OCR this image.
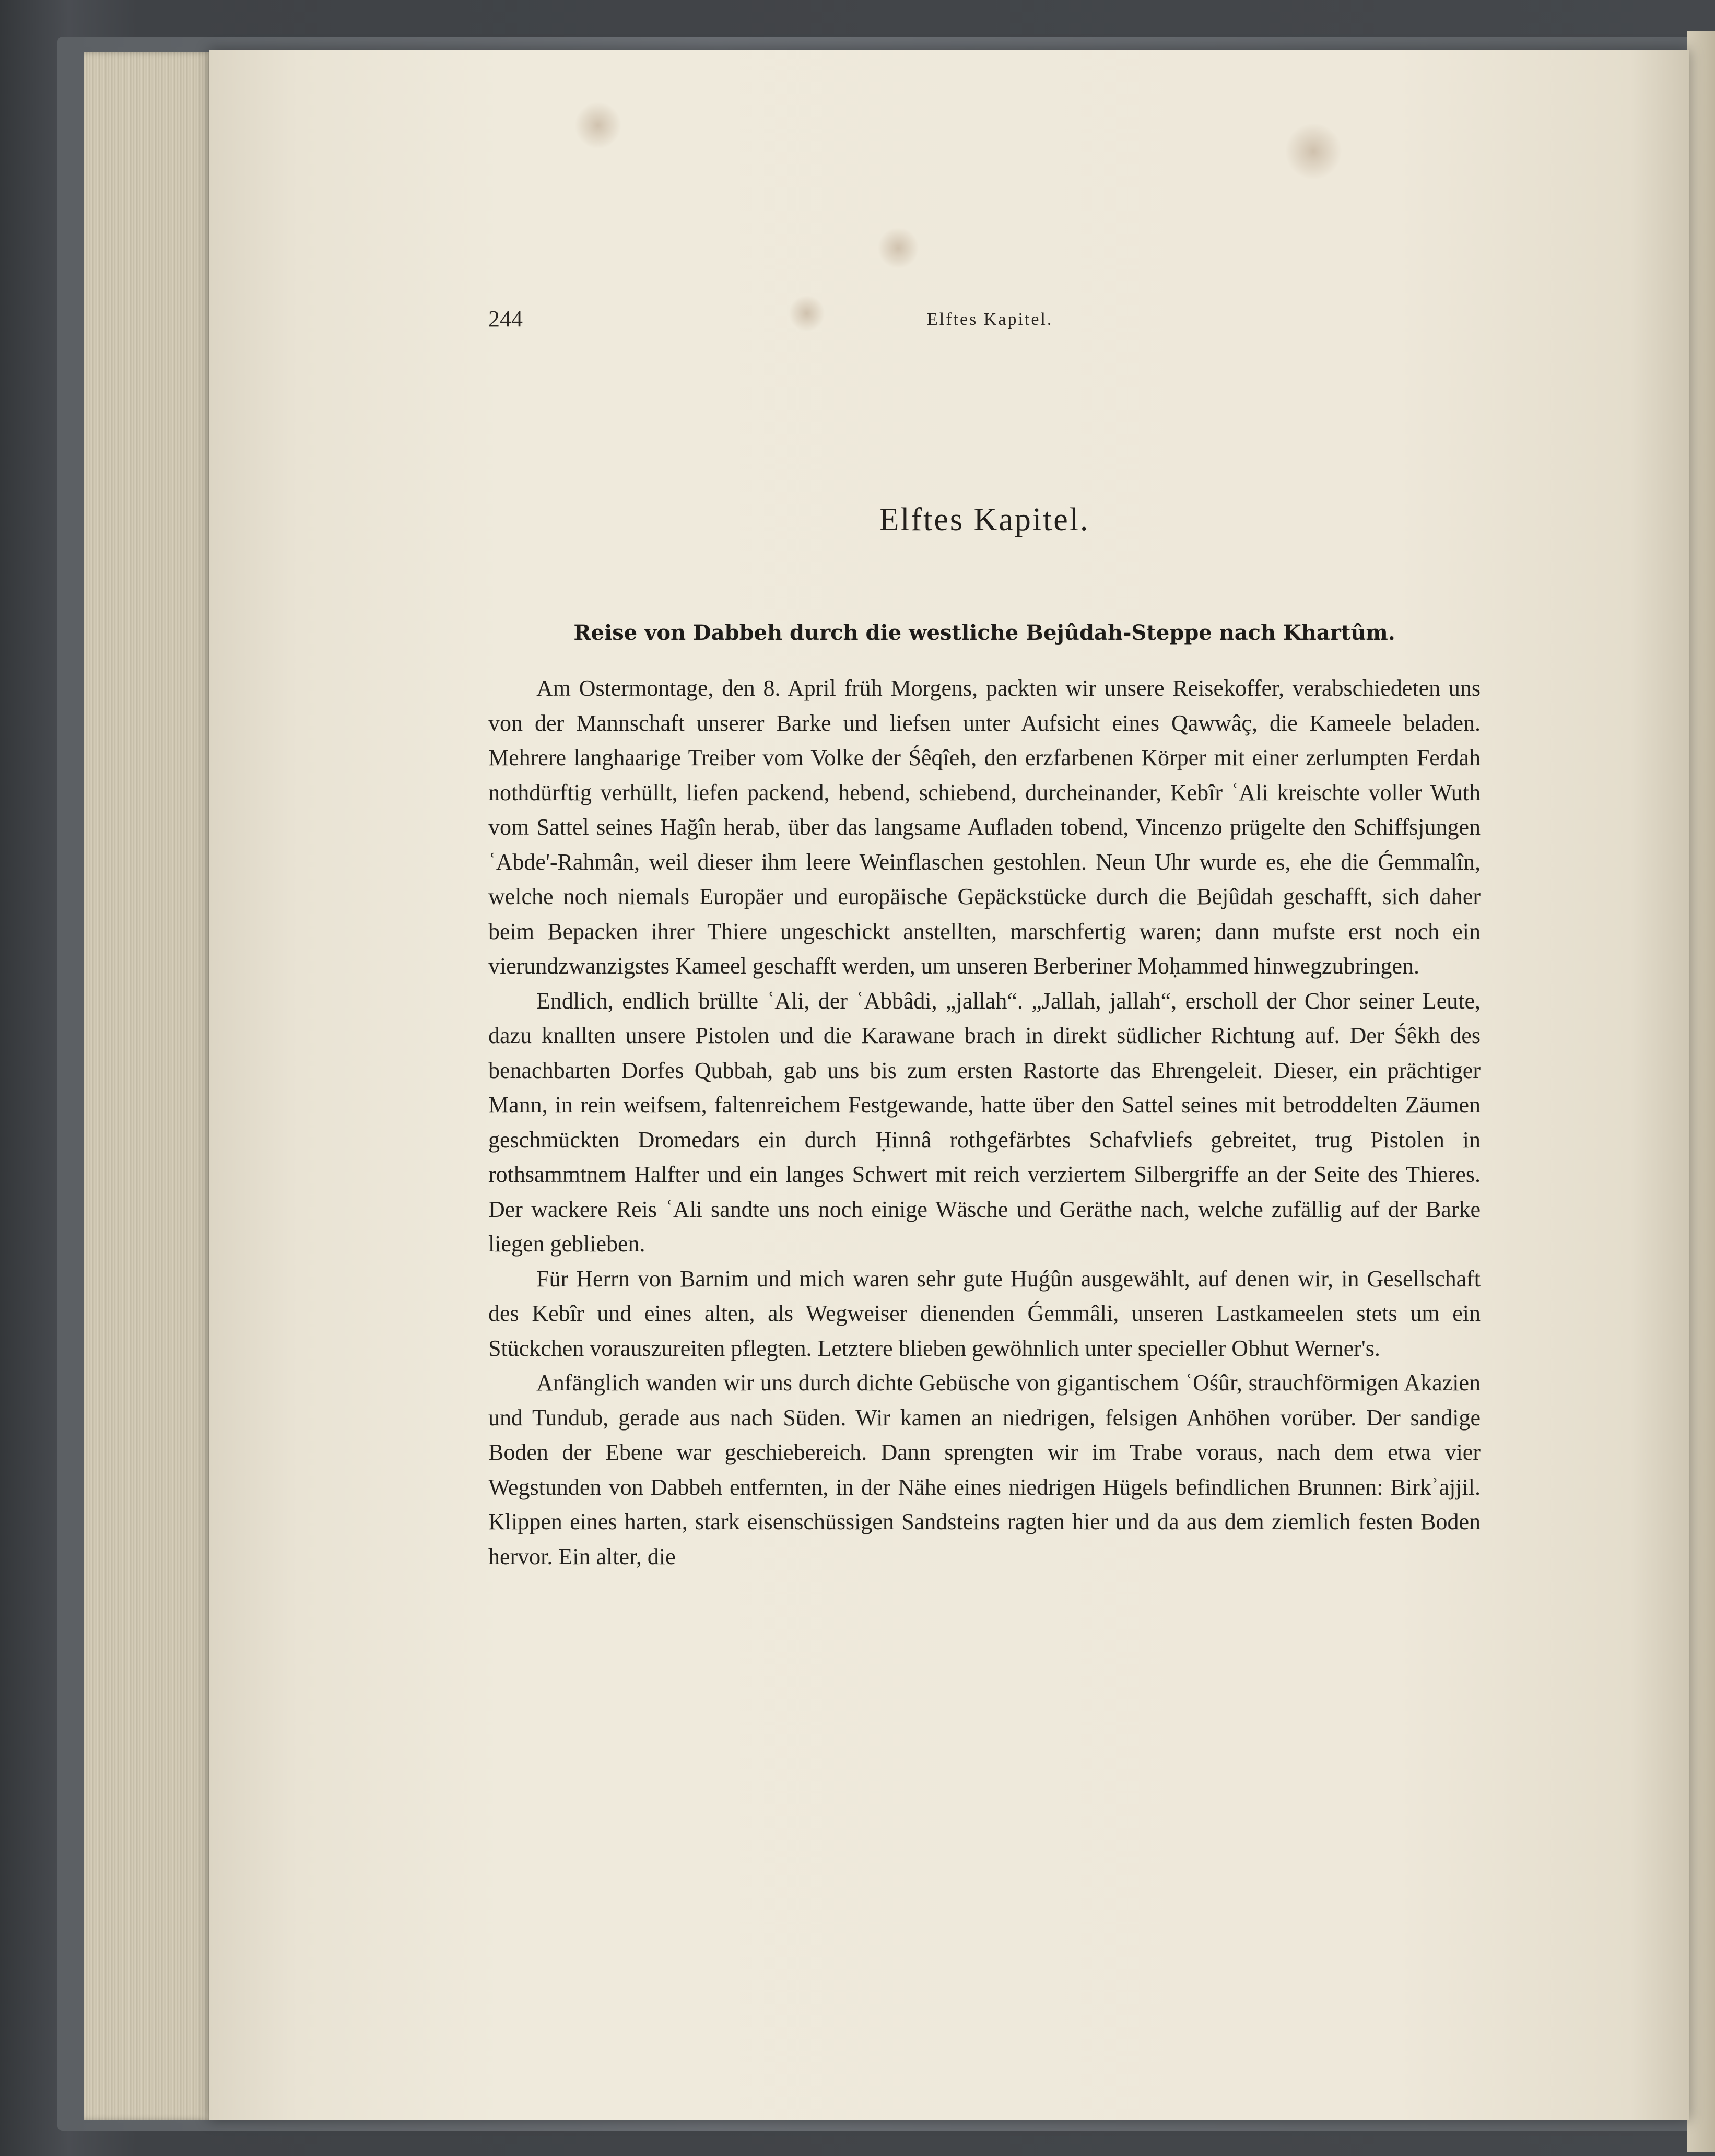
244	Elftes Kapitel.
Elftes Kapitel.
Reise von Dabbeh durch die westliche Bejûdah-Steppe nach Khartûm.

Am Ostermontage, den 8. April früh Morgens, packten wir unsere Reisekoffer, verabschiedeten uns von der Mannschaft unserer Barke und liefsen unter Aufsicht eines Qawwâç, die Kameele beladen. Mehrere langhaarige Treiber vom Volke der Śêqîeh, den erzfarbenen Körper mit einer zerlumpten Ferdah nothdürftig verhüllt, liefen packend, hebend, schiebend, durcheinander, Kebîr ʿAli kreischte voller Wuth vom Sattel seines Hağîn herab, über das langsame Aufladen tobend, Vincenzo prügelte den Schiffsjungen ʿAbde'-Rahmân, weil dieser ihm leere Weinflaschen gestohlen. Neun Uhr wurde es, ehe die Ǵemmalîn, welche noch niemals Europäer und europäische Gepäckstücke durch die Bejûdah geschafft, sich daher beim Bepacken ihrer Thiere ungeschickt anstellten, marschfertig waren; dann mufste erst noch ein vierundzwanzigstes Kameel geschafft werden, um unseren Berberiner Moḥammed hinwegzubringen.

Endlich, endlich brüllte ʿAli, der ʿAbbâdi, „jallah“. „Jallah, jallah“, erscholl der Chor seiner Leute, dazu knallten unsere Pistolen und die Karawane brach in direkt südlicher Richtung auf. Der Śêkh des benachbarten Dorfes Qubbah, gab uns bis zum ersten Rastorte das Ehrengeleit. Dieser, ein prächtiger Mann, in rein weifsem, faltenreichem Festgewande, hatte über den Sattel seines mit betroddelten Zäumen geschmückten Dromedars ein durch Ḥinnâ rothgefärbtes Schafvliefs gebreitet, trug Pistolen in rothsammtnem Halfter und ein langes Schwert mit reich verziertem Silbergriffe an der Seite des Thieres. Der wackere Reis ʿAli sandte uns noch einige Wäsche und Geräthe nach, welche zufällig auf der Barke liegen geblieben.

Für Herrn von Barnim und mich waren sehr gute Huǵûn ausgewählt, auf denen wir, in Gesellschaft des Kebîr und eines alten, als Wegweiser dienenden Ǵemmâli, unseren Lastkameelen stets um ein Stückchen vorauszureiten pflegten. Letztere blieben gewöhnlich unter specieller Obhut Werner's.

Anfänglich wanden wir uns durch dichte Gebüsche von gigantischem ʿOśûr, strauchförmigen Akazien und Tundub, gerade aus nach Süden. Wir kamen an niedrigen, felsigen Anhöhen vorüber. Der sandige Boden der Ebene war geschiebereich. Dann sprengten wir im Trabe voraus, nach dem etwa vier Wegstunden von Dabbeh entfernten, in der Nähe eines niedrigen Hügels befindlichen Brunnen: Birkʾajjil. Klippen eines harten, stark eisenschüssigen Sandsteins ragten hier und da aus dem ziemlich festen Boden hervor. Ein alter, die
